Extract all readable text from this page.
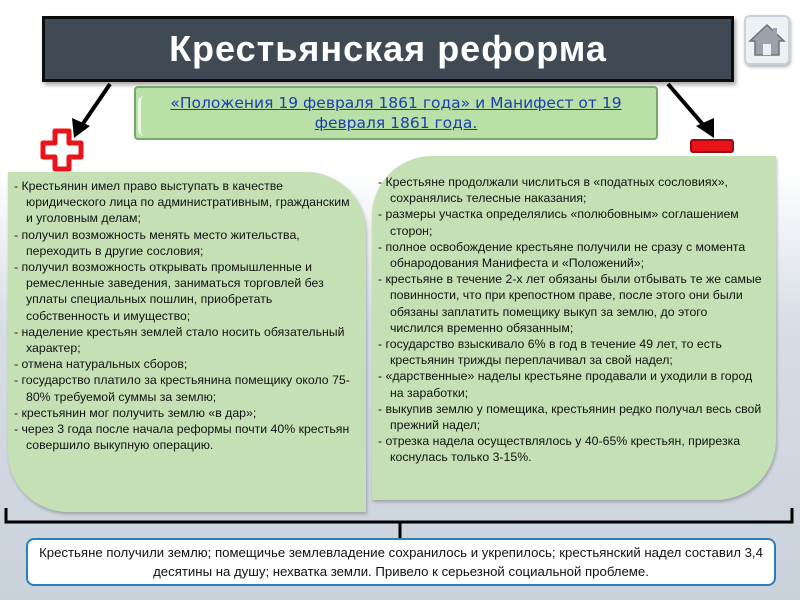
Крестьянская реформа
«Положения 19 февраля 1861 года» и Манифест от 19 февраля 1861 года.
- Крестьянин имел право выступать в качестве юридического лица по административным, гражданским и уголовным делам;
- получил возможность менять место жительства, переходить в другие сословия;
- получил возможность открывать промышленные и ремесленные заведения, заниматься торговлей без уплаты специальных пошлин, приобретать собственность и имущество;
- наделение крестьян землей стало носить обязательный характер;
- отмена натуральных сборов;
- государство платило за крестьянина помещику около 75-80% требуемой суммы за землю;
- крестьянин мог получить землю «в дар»;
- через 3 года после начала реформы почти 40% крестьян совершило выкупную операцию.
- Крестьяне продолжали числиться в «податных сословиях», сохранялись телесные наказания;
- размеры участка определялись «полюбовным» соглашением сторон;
- полное освобождение крестьяне получили не сразу с момента обнародования Манифеста и «Положений»;
- крестьяне в течение 2-х лет обязаны были отбывать те же самые повинности, что при крепостном праве, после этого они были обязаны заплатить помещику выкуп за землю, до этого числился временно обязанным;
- государство взыскивало 6% в год в течение 49 лет, то есть крестьянин трижды переплачивал за свой надел;
- «дарственные» наделы крестьяне продавали и уходили в город на заработки;
- выкупив землю у помещика, крестьянин редко получал весь свой прежний надел;
- отрезка надела осуществлялось у 40-65% крестьян, прирезка коснулась только 3-15%.
Крестьяне получили землю; помещичье землевладение сохранилось и укрепилось; крестьянский надел составил 3,4 десятины на душу; нехватка земли. Привело к серьезной социальной проблеме.
